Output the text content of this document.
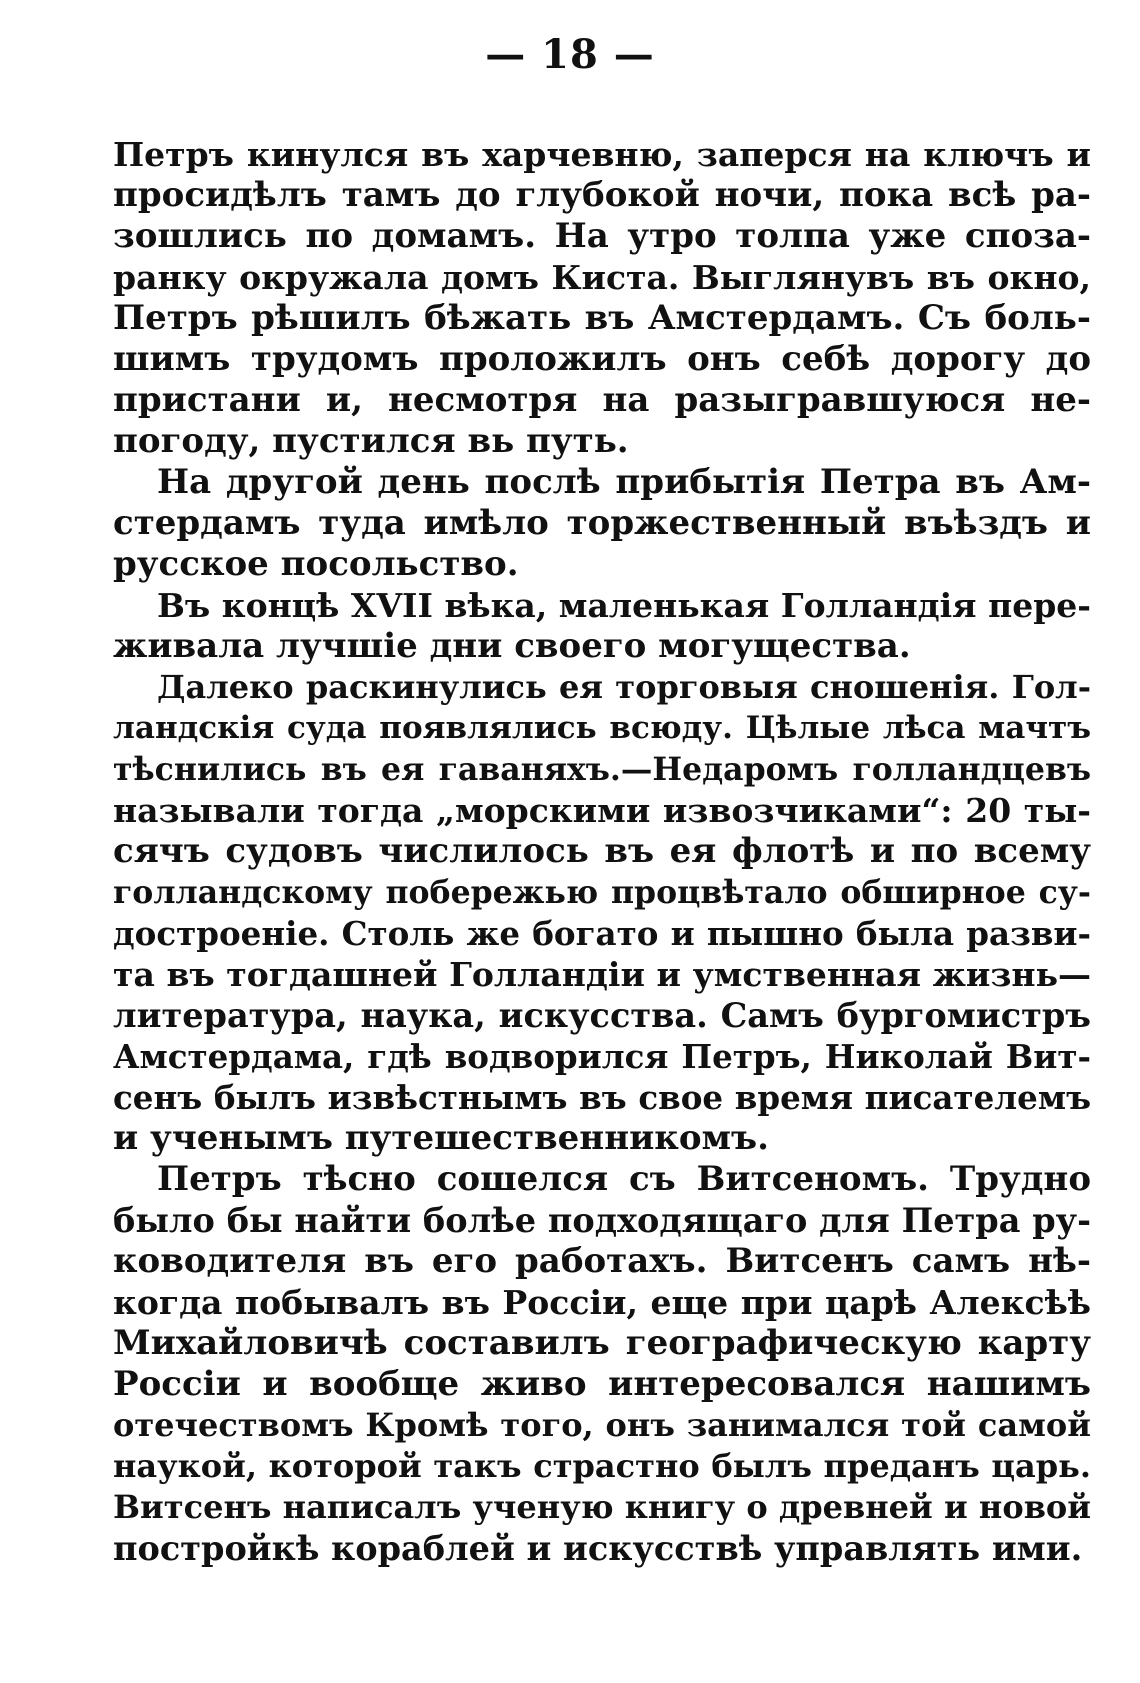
— 18 —
Петръ кинулся въ харчевню, заперся на ключъ и
просидѣлъ тамъ до глубокой ночи, пока всѣ ра-
зошлись по домамъ. На утро толпа уже споза-
ранку окружала домъ Киста. Выглянувъ въ окно,
Петръ рѣшилъ бѣжать въ Амстердамъ. Съ боль-
шимъ трудомъ проложилъ онъ себѣ дорогу до
пристани и, несмотря на разыгравшуюся не-
погоду, пустился вь путь.
На другой день послѣ прибытія Петра въ Ам-
стердамъ туда имѣло торжественный въѣздъ и
русское посольство.
Въ концѣ XVII вѣка, маленькая Голландія пере-
живала лучшіе дни своего могущества.
Далеко раскинулись ея торговыя сношенія. Гол-
ландскія суда появлялись всюду. Цѣлые лѣса мачтъ
тѣснились въ ея гаваняхъ.—Недаромъ голландцевъ
называли тогда „морскими извозчиками“: 20 ты-
сячъ судовъ числилось въ ея флотѣ и по всему
голландскому побережью процвѣтало обширное су-
достроеніе. Столь же богато и пышно была разви-
та въ тогдашней Голландіи и умственная жизнь—
литература, наука, искусства. Самъ бургомистръ
Амстердама, гдѣ водворился Петръ, Николай Вит-
сенъ былъ извѣстнымъ въ свое время писателемъ
и ученымъ путешественникомъ.
Петръ тѣсно сошелся съ Витсеномъ. Трудно
было бы найти болѣе подходящаго для Петра ру-
ководителя въ его работахъ. Витсенъ самъ нѣ-
когда побывалъ въ Россіи, еще при царѣ Алексѣѣ
Михайловичѣ составилъ географическую карту
Россіи и вообще живо интересовался нашимъ
отечествомъ Кромѣ того, онъ занимался той самой
наукой, которой такъ страстно былъ преданъ царь.
Витсенъ написалъ ученую книгу о древней и новой
постройкѣ кораблей и искусствѣ управлять ими.
